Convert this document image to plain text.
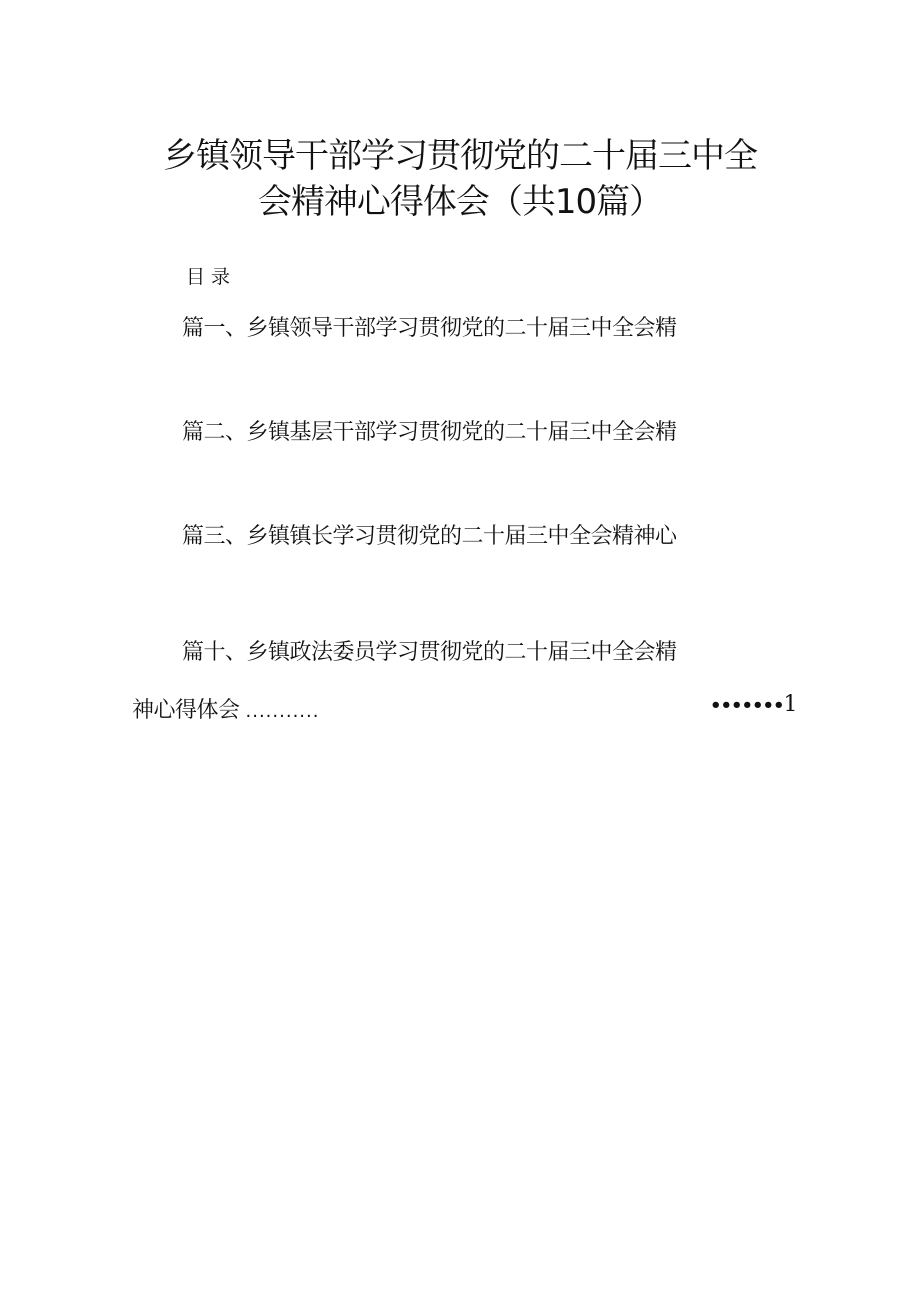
乡镇领导干部学习贯彻党的二十届三中全
会精神心得体会（共10篇）
目录
篇一、乡镇领导干部学习贯彻党的二十届三中全会精
篇二、乡镇基层干部学习贯彻党的二十届三中全会精
篇三、乡镇镇长学习贯彻党的二十届三中全会精神心
篇十、乡镇政法委员学习贯彻党的二十届三中全会精
神心得体会 ...........	•••••••1
